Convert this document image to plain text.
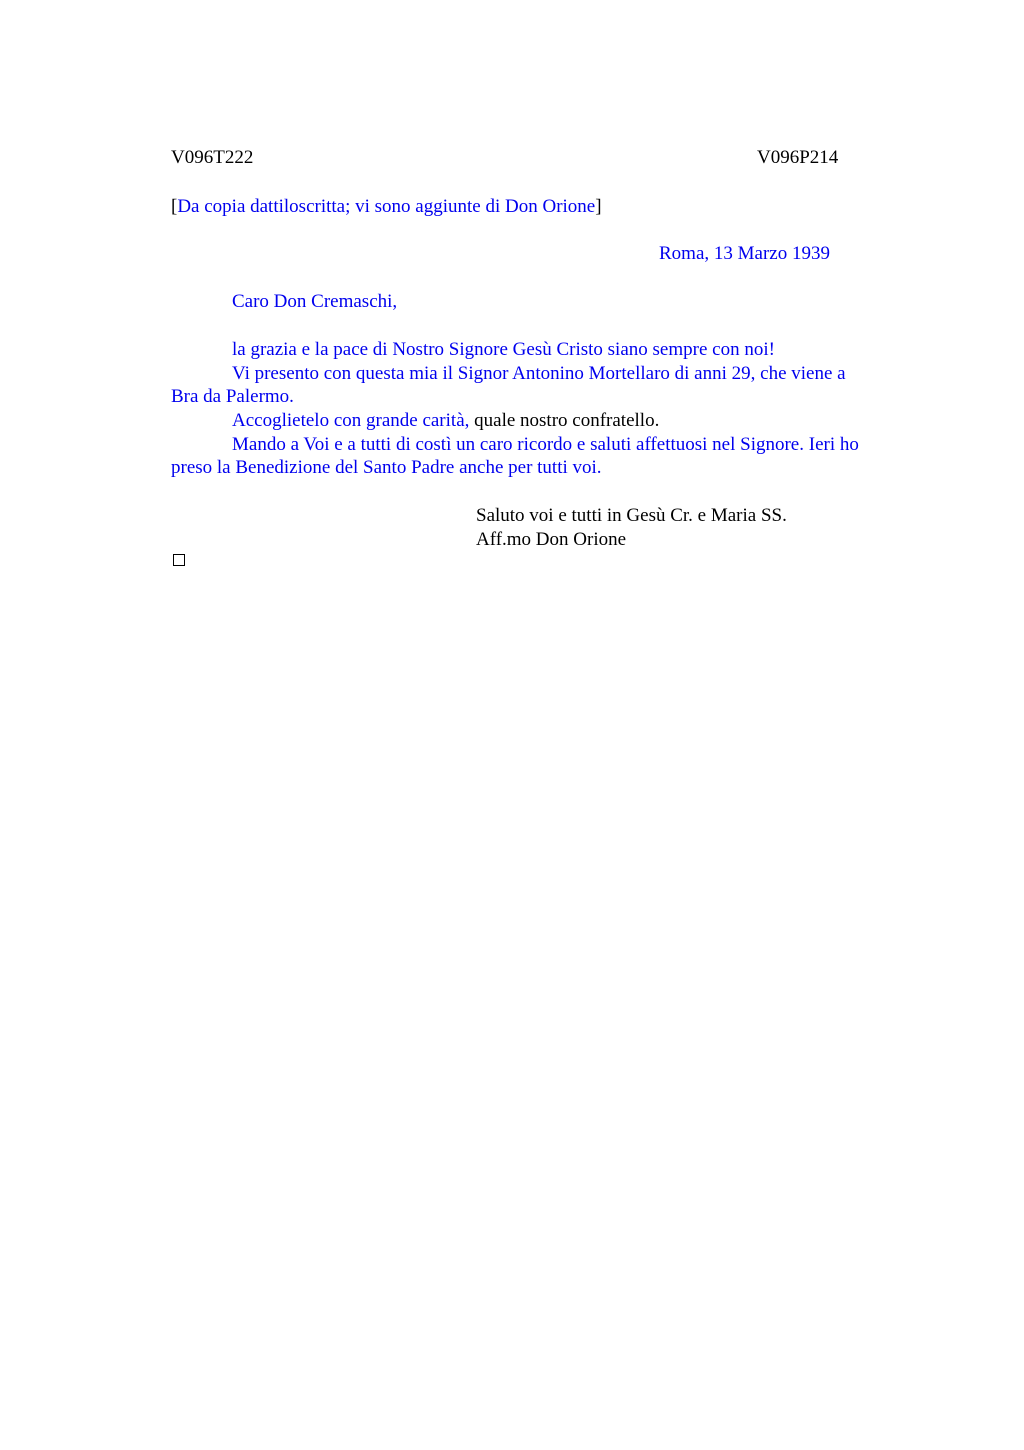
V096T222	V096P214
[Da copia dattiloscritta; vi sono aggiunte di Don Orione]
Roma, 13 Marzo 1939
Caro Don Cremaschi,
la grazia e la pace di Nostro Signore Gesù Cristo siano sempre con noi!
Vi presento con questa mia il Signor Antonino Mortellaro di anni 29, che viene a
Bra da Palermo.
Accoglietelo con grande carità, quale nostro confratello.
Mando a Voi e a tutti di costì un caro ricordo e saluti affettuosi nel Signore. Ieri ho
preso la Benedizione del Santo Padre anche per tutti voi.
Saluto voi e tutti in Gesù Cr. e Maria SS.
Aff.mo Don Orione
